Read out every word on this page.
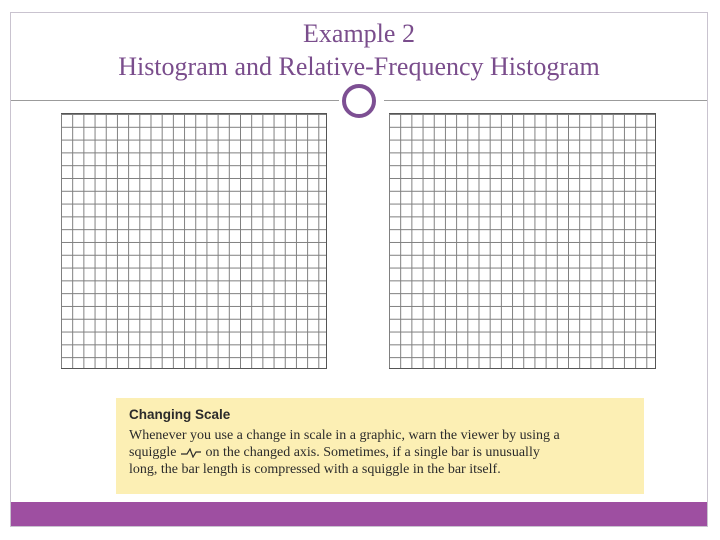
Example 2
Histogram and Relative-Frequency Histogram
Changing Scale
Whenever you use a change in scale in a graphic, warn the viewer by using a
squiggle on the changed axis. Sometimes, if a single bar is unusually
long, the bar length is compressed with a squiggle in the bar itself.
